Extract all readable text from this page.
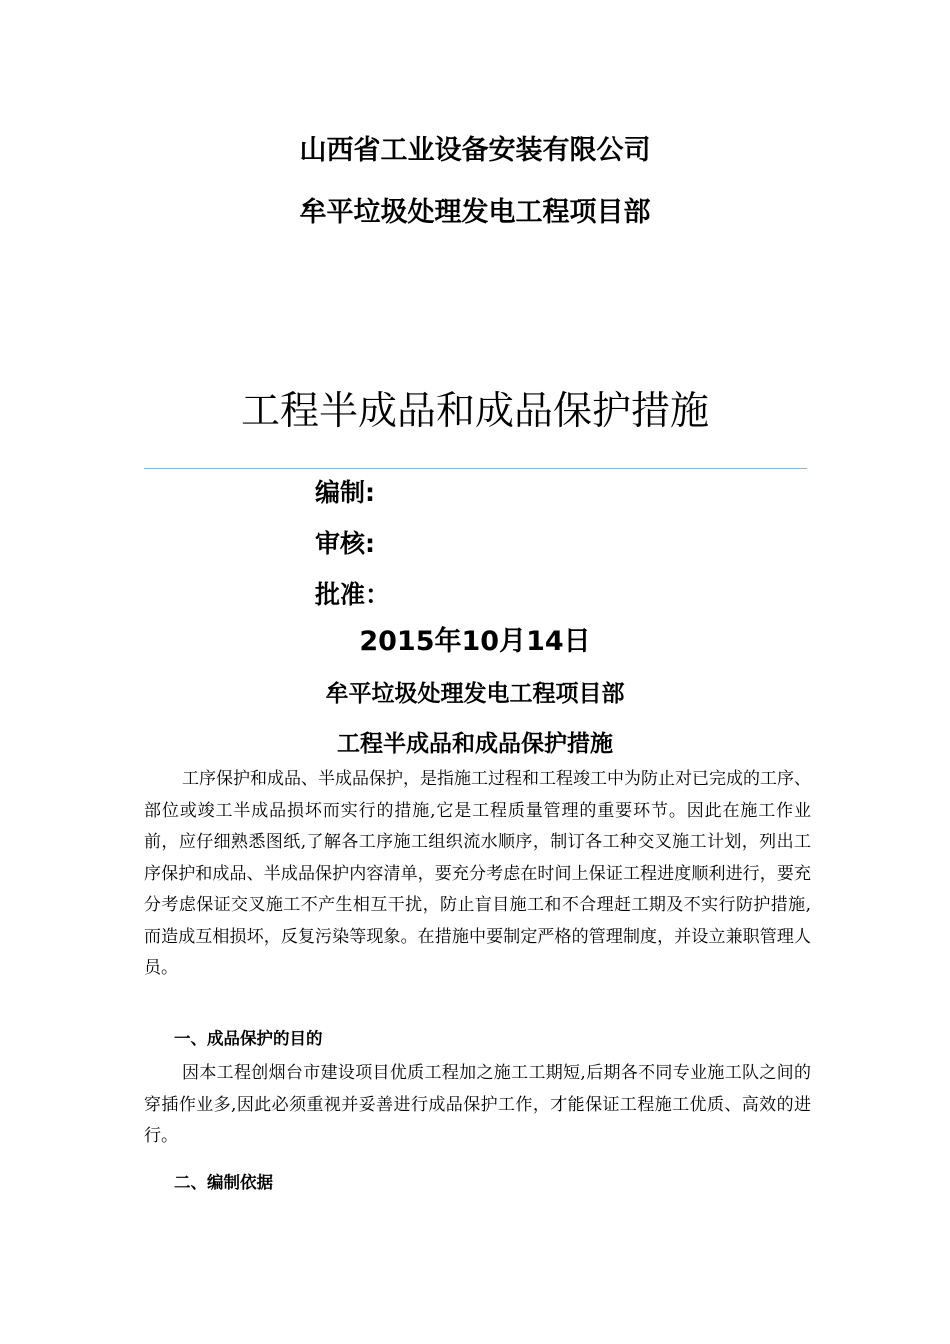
山西省工业设备安装有限公司
牟平垃圾处理发电工程项目部
工程半成品和成品保护措施
编制:
审核:
批准：
2015年10月14日
牟平垃圾处理发电工程项目部
工程半成品和成品保护措施
工序保护和成品、半成品保护，是指施工过程和工程竣工中为防止对已完成的工序、部位或竣工半成品损坏而实行的措施,它是工程质量管理的重要环节。因此在施工作业前，应仔细熟悉图纸,了解各工序施工组织流水顺序，制订各工种交叉施工计划，列出工序保护和成品、半成品保护内容清单，要充分考虑在时间上保证工程进度顺利进行，要充分考虑保证交叉施工不产生相互干扰，防止盲目施工和不合理赶工期及不实行防护措施,而造成互相损坏，反复污染等现象。在措施中要制定严格的管理制度，并设立兼职管理人员。
一、成品保护的目的
因本工程创烟台市建设项目优质工程加之施工工期短,后期各不同专业施工队之间的穿插作业多,因此必须重视并妥善进行成品保护工作，才能保证工程施工优质、高效的进行。
二、编制依据
